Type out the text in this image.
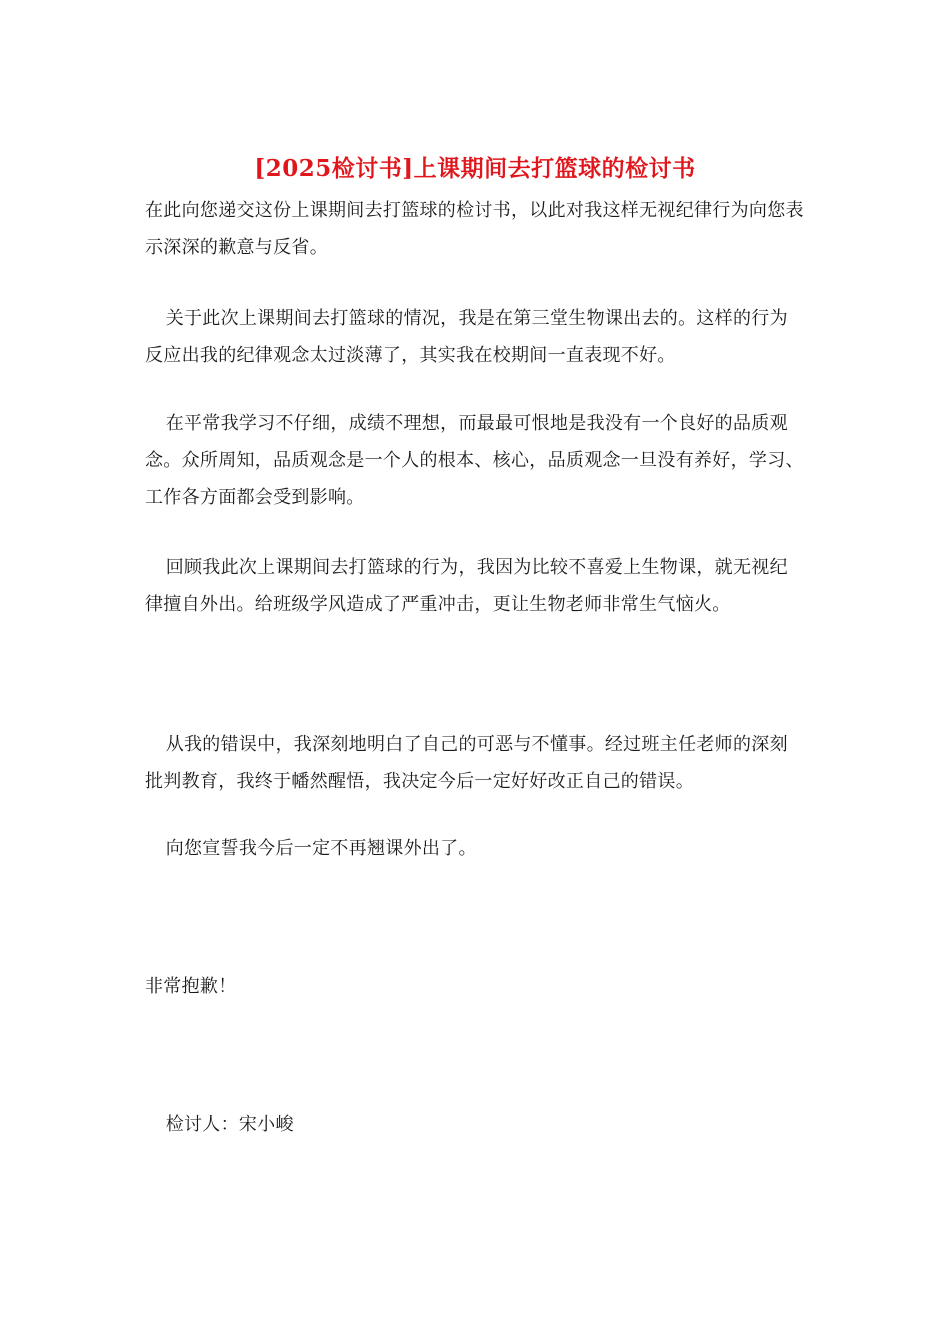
[2025检讨书]上课期间去打篮球的检讨书

在此向您递交这份上课期间去打篮球的检讨书，以此对我这样无视纪律行为向您表示深深的歉意与反省。

关于此次上课期间去打篮球的情况，我是在第三堂生物课出去的。这样的行为反应出我的纪律观念太过淡薄了，其实我在校期间一直表现不好。

在平常我学习不仔细，成绩不理想，而最最可恨地是我没有一个良好的品质观念。众所周知，品质观念是一个人的根本、核心，品质观念一旦没有养好，学习、工作各方面都会受到影响。

回顾我此次上课期间去打篮球的行为，我因为比较不喜爱上生物课，就无视纪律擅自外出。给班级学风造成了严重冲击，更让生物老师非常生气恼火。

从我的错误中，我深刻地明白了自己的可恶与不懂事。经过班主任老师的深刻批判教育，我终于幡然醒悟，我决定今后一定好好改正自己的错误。

向您宣誓我今后一定不再翘课外出了。

非常抱歉！

检讨人：宋小峻
